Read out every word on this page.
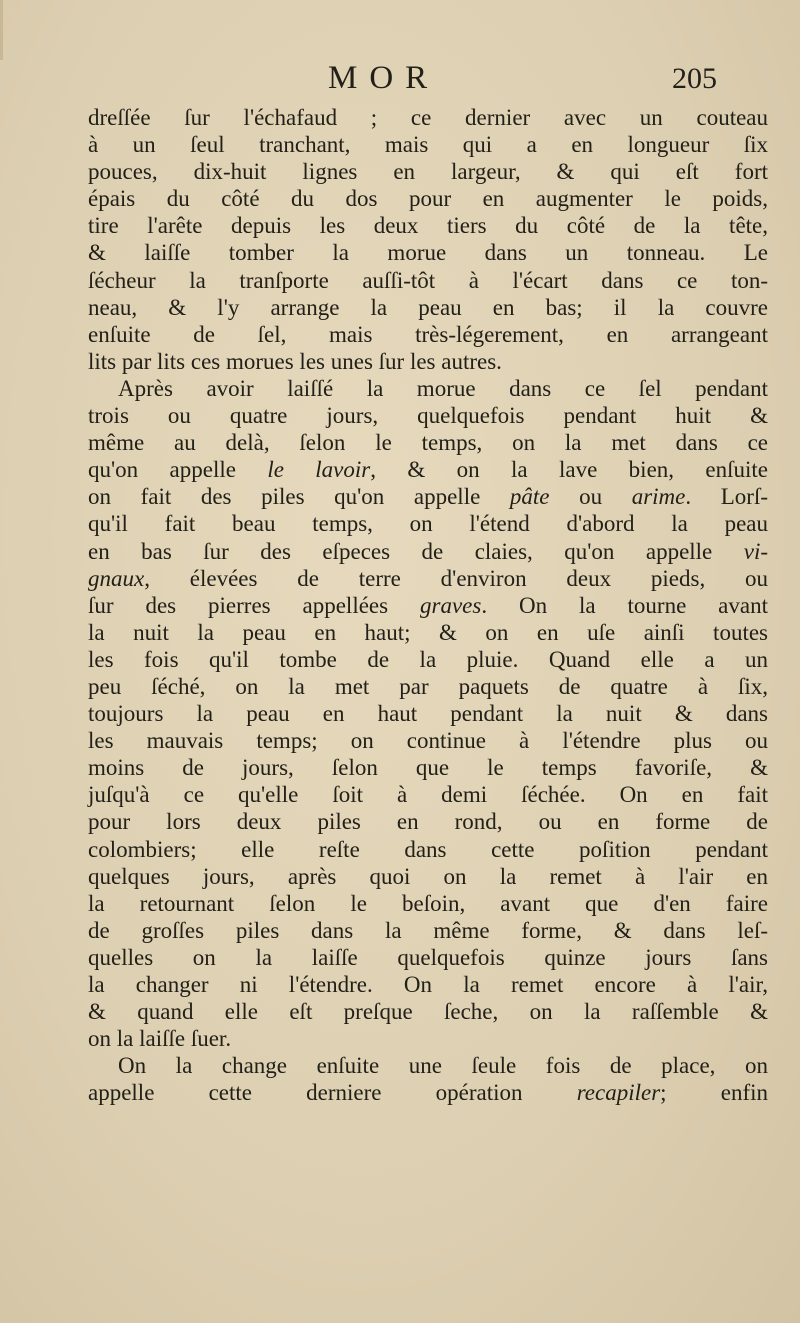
MOR	205
dreſſée ſur l'échafaud ; ce dernier avec un couteau
à un ſeul tranchant, mais qui a en longueur ſix
pouces, dix-huit lignes en largeur, & qui eſt fort
épais du côté du dos pour en augmenter le poids,
tire l'arête depuis les deux tiers du côté de la tête,
& laiſſe tomber la morue dans un tonneau. Le
ſécheur la tranſporte auſſi-tôt à l'écart dans ce ton-
neau, & l'y arrange la peau en bas; il la couvre
enſuite de ſel, mais très-légerement, en arrangeant
lits par lits ces morues les unes ſur les autres.
Après avoir laiſſé la morue dans ce ſel pendant
trois ou quatre jours, quelquefois pendant huit &
même au delà, ſelon le temps, on la met dans ce
qu'on appelle le lavoir, & on la lave bien, enſuite
on fait des piles qu'on appelle pâte ou arime. Lorſ-
qu'il fait beau temps, on l'étend d'abord la peau
en bas ſur des eſpeces de claies, qu'on appelle vi-
gnaux, élevées de terre d'environ deux pieds, ou
ſur des pierres appellées graves. On la tourne avant
la nuit la peau en haut; & on en uſe ainſi toutes
les fois qu'il tombe de la pluie. Quand elle a un
peu ſéché, on la met par paquets de quatre à ſix,
toujours la peau en haut pendant la nuit & dans
les mauvais temps; on continue à l'étendre plus ou
moins de jours, ſelon que le temps favoriſe, &
juſqu'à ce qu'elle ſoit à demi ſéchée. On en fait
pour lors deux piles en rond, ou en forme de
colombiers; elle reſte dans cette poſition pendant
quelques jours, après quoi on la remet à l'air en
la retournant ſelon le beſoin, avant que d'en faire
de groſſes piles dans la même forme, & dans leſ-
quelles on la laiſſe quelquefois quinze jours ſans
la changer ni l'étendre. On la remet encore à l'air,
& quand elle eſt preſque ſeche, on la raſſemble &
on la laiſſe ſuer.
On la change enſuite une ſeule fois de place, on
appelle cette derniere opération recapiler; enfin
